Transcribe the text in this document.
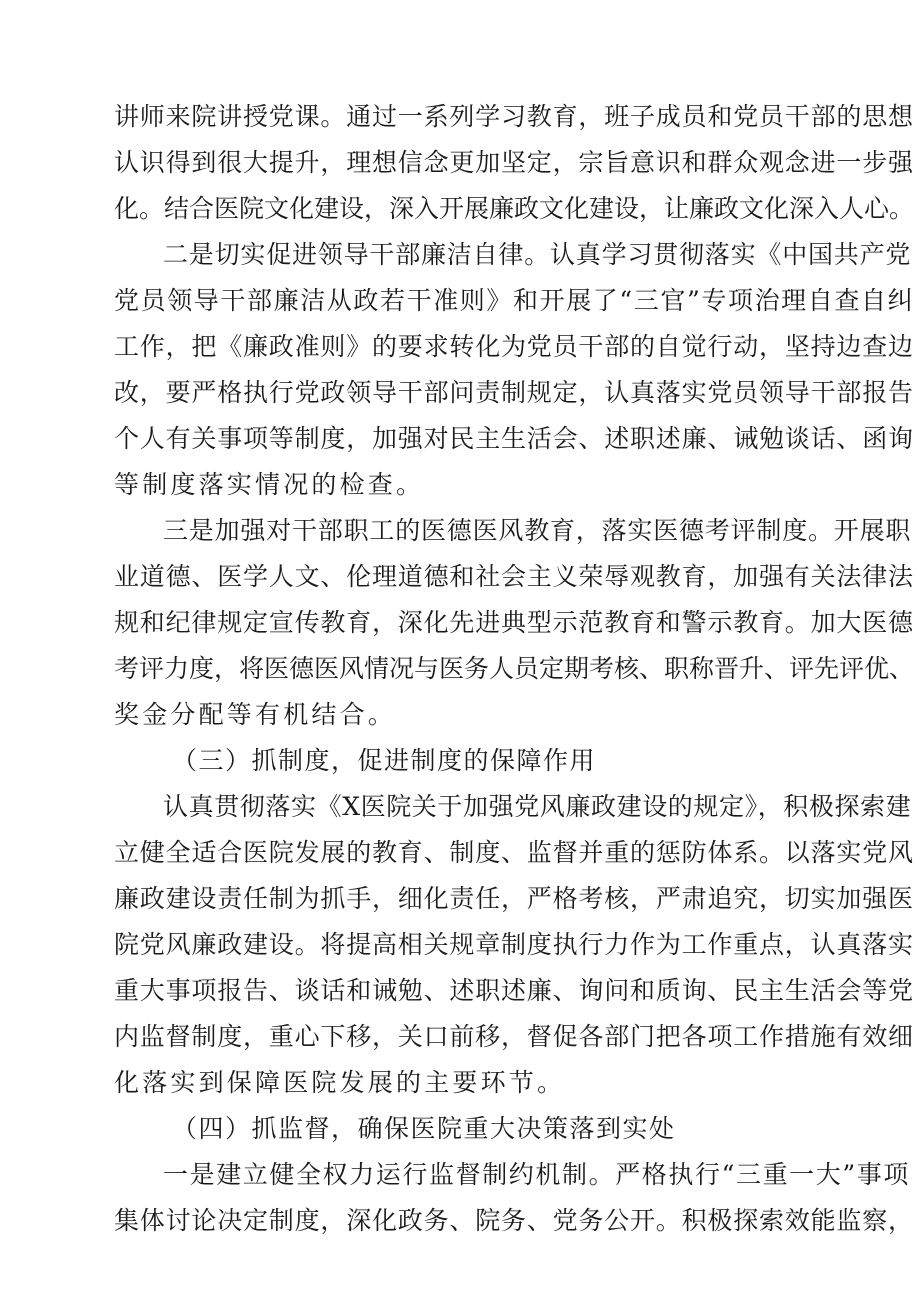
讲师来院讲授党课。通过一系列学习教育，班子成员和党员干部的思想
认识得到很大提升，理想信念更加坚定，宗旨意识和群众观念进一步强
化。结合医院文化建设，深入开展廉政文化建设，让廉政文化深入人心。
二是切实促进领导干部廉洁自律。认真学习贯彻落实《中国共产党
党员领导干部廉洁从政若干准则》和开展了“三官”专项治理自查自纠
工作，把《廉政准则》的要求转化为党员干部的自觉行动，坚持边查边
改，要严格执行党政领导干部问责制规定，认真落实党员领导干部报告
个人有关事项等制度，加强对民主生活会、述职述廉、诫勉谈话、函询
等制度落实情况的检查。
三是加强对干部职工的医德医风教育，落实医德考评制度。开展职
业道德、医学人文、伦理道德和社会主义荣辱观教育，加强有关法律法
规和纪律规定宣传教育，深化先进典型示范教育和警示教育。加大医德
考评力度，将医德医风情况与医务人员定期考核、职称晋升、评先评优、
奖金分配等有机结合。
（三）抓制度，促进制度的保障作用
认真贯彻落实《X医院关于加强党风廉政建设的规定》，积极探索建
立健全适合医院发展的教育、制度、监督并重的惩防体系。以落实党风
廉政建设责任制为抓手，细化责任，严格考核，严肃追究，切实加强医
院党风廉政建设。将提高相关规章制度执行力作为工作重点，认真落实
重大事项报告、谈话和诫勉、述职述廉、询问和质询、民主生活会等党
内监督制度，重心下移，关口前移，督促各部门把各项工作措施有效细
化落实到保障医院发展的主要环节。
（四）抓监督，确保医院重大决策落到实处
一是建立健全权力运行监督制约机制。严格执行“三重一大”事项
集体讨论决定制度，深化政务、院务、党务公开。积极探索效能监察，
